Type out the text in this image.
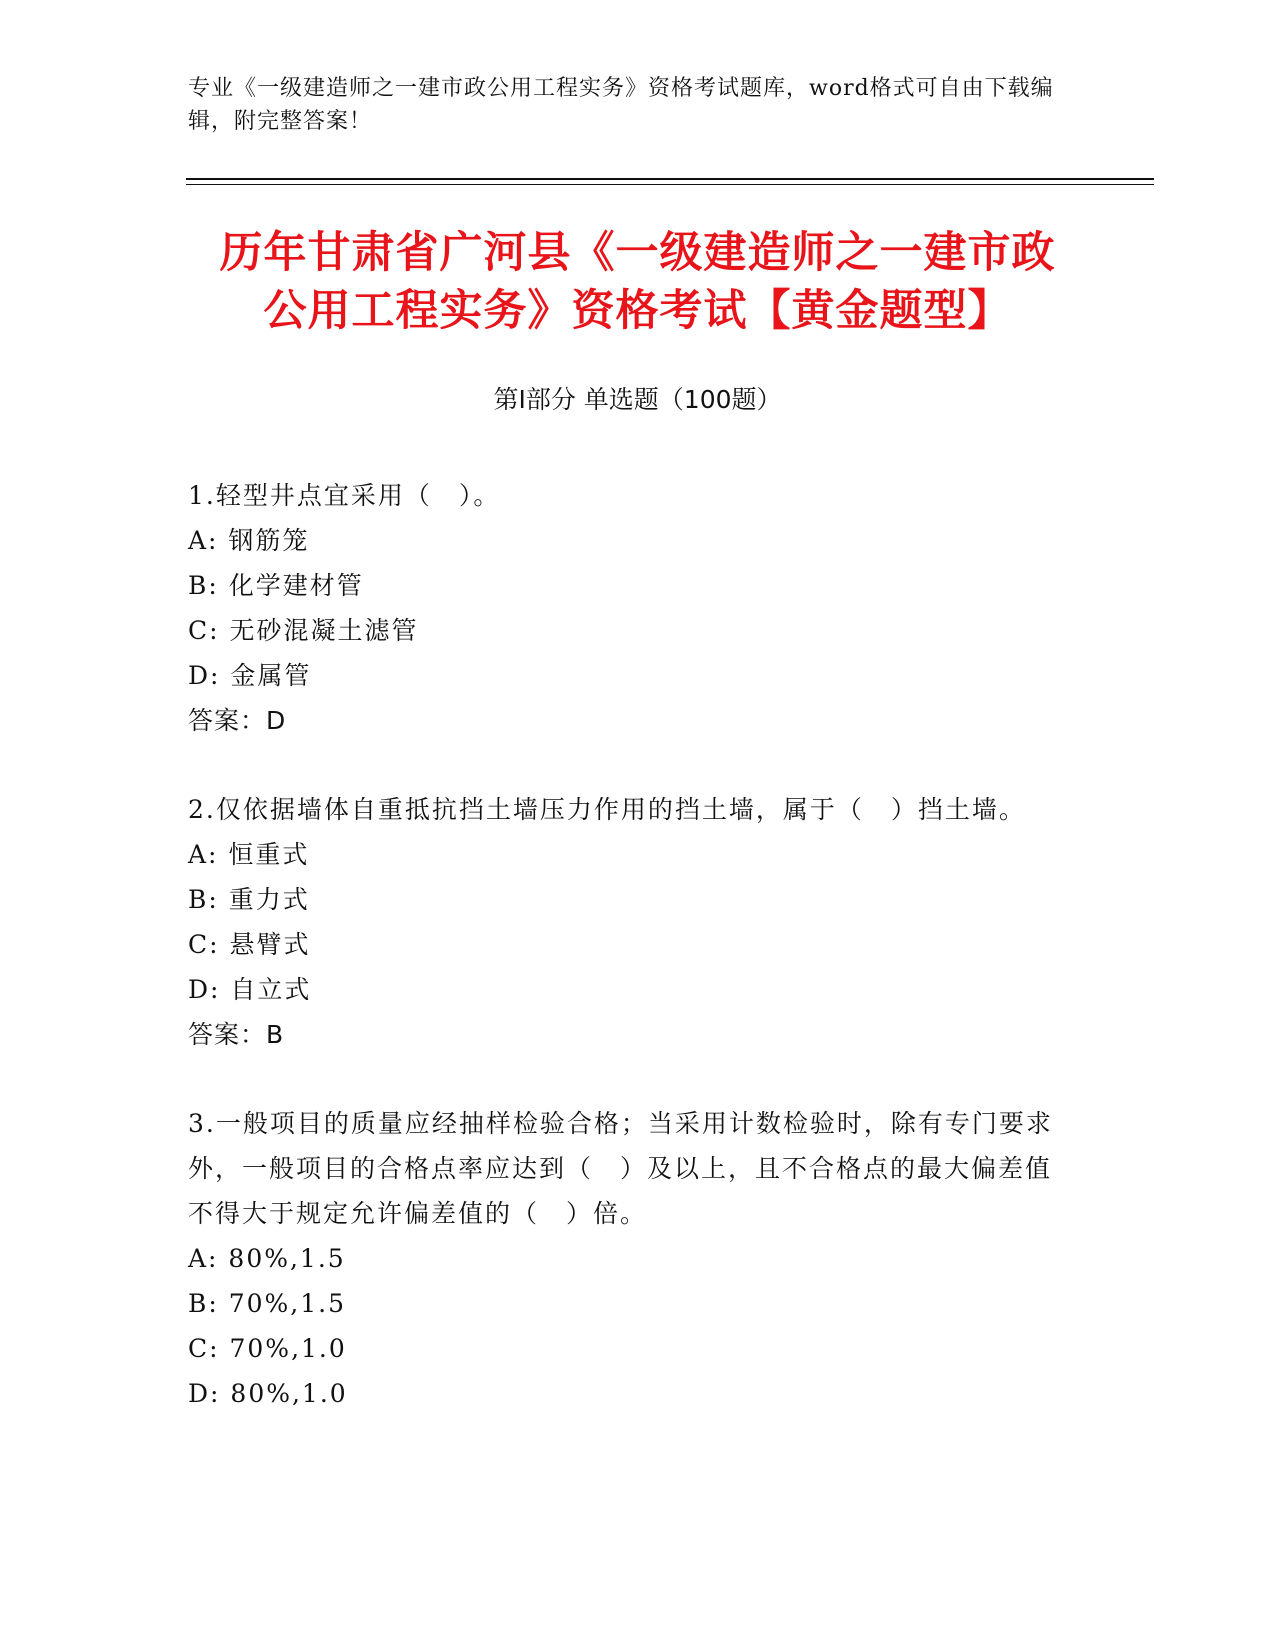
专业《一级建造师之一建市政公用工程实务》资格考试题库，word格式可自由下载编辑，附完整答案！
历年甘肃省广河县《一级建造师之一建市政
公用工程实务》资格考试【黄金题型】
第Ⅰ部分 单选题（100题）

1.轻型井点宜采用（　）。

A: 钢筋笼

B: 化学建材管

C: 无砂混凝土滤管

D: 金属管

答案：D

2.仅依据墙体自重抵抗挡土墙压力作用的挡土墙，属于（　）挡土墙。

A: 恒重式

B: 重力式

C: 悬臂式

D: 自立式

答案：B

3.一般项目的质量应经抽样检验合格；当采用计数检验时，除有专门要求外，一般项目的合格点率应达到（　）及以上，且不合格点的最大偏差值不得大于规定允许偏差值的（　）倍。

A: 80%,1.5

B: 70%,1.5

C: 70%,1.0

D: 80%,1.0
